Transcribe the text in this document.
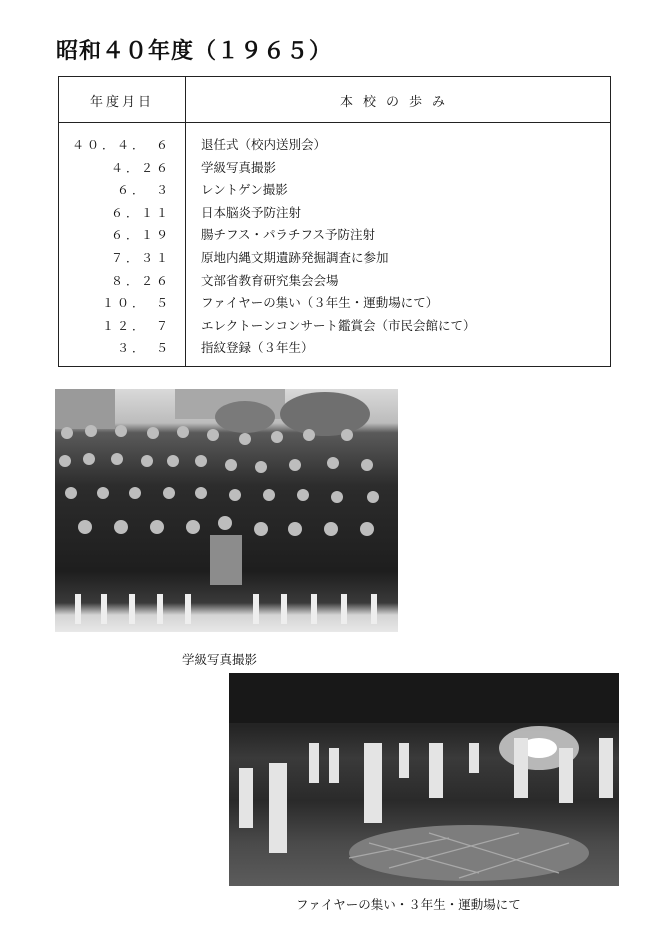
昭和４０年度（１９６５）
年度月日	本校の歩み
４０．４．　６ 退任式（校内送別会）
４．２６ 学級写真撮影
６．　３ レントゲン撮影
６．１１ 日本脳炎予防注射
６．１９ 腸チフス・パラチフス予防注射
７．３１ 原地内縄文期遺跡発掘調査に参加
８．２６ 文部省教育研究集会会場
１０．　５ ファイヤーの集い（３年生・運動場にて）
１２．　７ エレクトーンコンサート鑑賞会（市民会館にて）
３．　５ 指紋登録（３年生）
学級写真撮影
ファイヤーの集い・３年生・運動場にて
